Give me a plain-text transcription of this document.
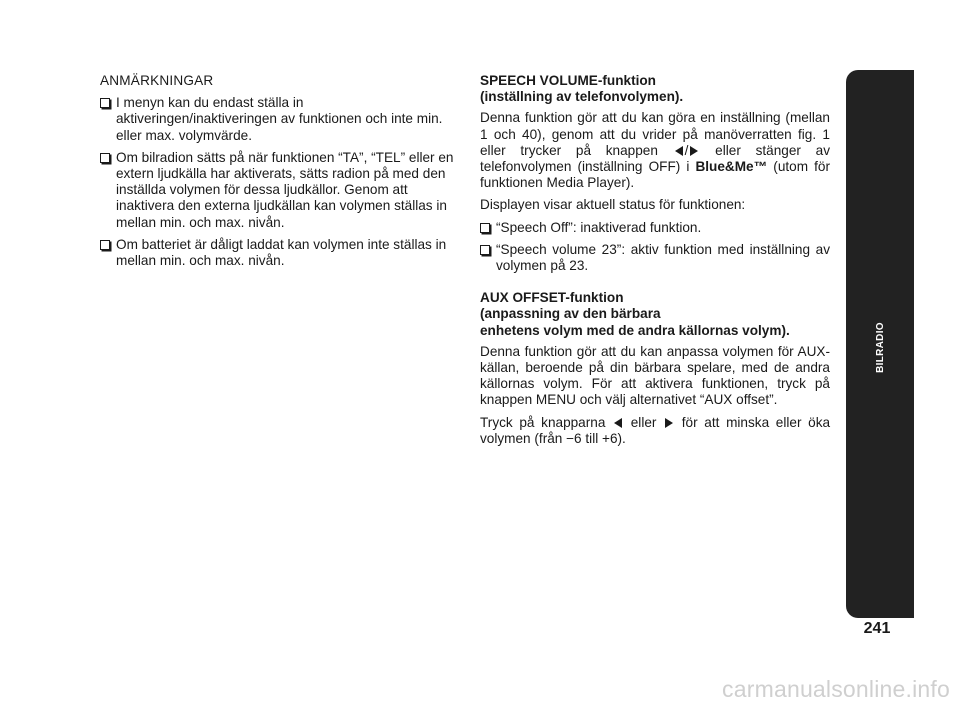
ANMÄRKNINGAR
I menyn kan du endast ställa in aktiveringen/inaktiveringen av funktionen och inte min. eller max. volymvärde.
Om bilradion sätts på när funktionen “TA”, “TEL” eller en extern ljudkälla har aktiverats, sätts radion på med den inställda volymen för dessa ljudkällor. Genom att inaktivera den externa ljudkällan kan volymen ställas in mellan min. och max. nivån.
Om batteriet är dåligt laddat kan volymen inte ställas in mellan min. och max. nivån.
SPEECH VOLUME-funktion
(inställning av telefonvolymen).
Denna funktion gör att du kan göra en inställning (mellan 1 och 40), genom att du vrider på manöverratten fig. 1 eller trycker på knappen / eller stänger av telefonvolymen (inställning OFF) i Blue&Me™ (utom för funktionen Media Player).
Displayen visar aktuell status för funktionen:
“Speech Off”: inaktiverad funktion.
“Speech volume 23”: aktiv funktion med inställning av volymen på 23.
AUX OFFSET-funktion
(anpassning av den bärbara
enhetens volym med de andra källornas volym).
Denna funktion gör att du kan anpassa volymen för AUX-källan, beroende på din bärbara spelare, med de andra källornas volym. För att aktivera funktionen, tryck på knappen MENU och välj alternativet “AUX offset”.
Tryck på knapparna eller för att minska eller öka volymen (från −6 till +6).
BILRADIO
241
carmanualsonline.info
